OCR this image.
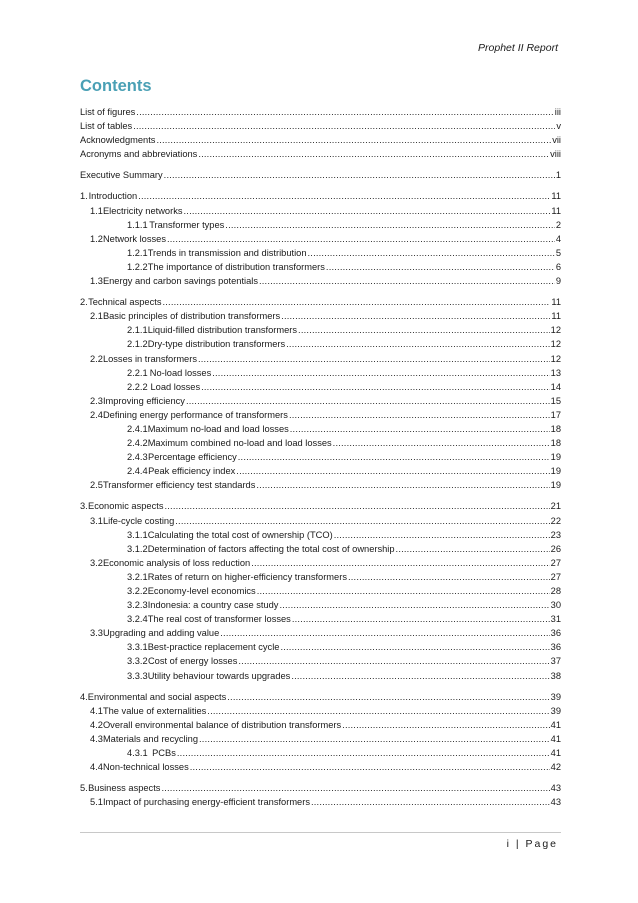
Prophet II Report
Contents
List of figures .....	iii
List of tables .....	v
Acknowledgments .....	vii
Acronyms and abbreviations .....	viii
Executive Summary .....	1
1. Introduction .....	11
1.1 Electricity networks .....	11
1.1.1 Transformer types .....	2
1.2 Network losses .....	4
1.2.1 Trends in transmission and distribution .....	5
1.2.2 The importance of distribution transformers .....	6
1.3 Energy and carbon savings potentials .....	9
2. Technical aspects .....	11
2.1 Basic principles of distribution transformers .....	11
2.1.1 Liquid-filled distribution transformers .....	12
2.1.2 Dry-type distribution transformers .....	12
2.2 Losses in transformers .....	12
2.2.1 No-load losses .....	13
2.2.2 Load losses .....	14
2.3 Improving efficiency .....	15
2.4 Defining energy performance of transformers .....	17
2.4.1 Maximum no-load and load losses .....	18
2.4.2 Maximum combined no-load and load losses .....	18
2.4.3 Percentage efficiency .....	19
2.4.4 Peak efficiency index .....	19
2.5 Transformer efficiency test standards .....	19
3. Economic aspects .....	21
3.1 Life-cycle costing .....	22
3.1.1 Calculating the total cost of ownership (TCO) .....	23
3.1.2 Determination of factors affecting the total cost of ownership .....	26
3.2 Economic analysis of loss reduction .....	27
3.2.1 Rates of return on higher-efficiency transformers .....	27
3.2.2 Economy-level economics .....	28
3.2.3 Indonesia: a country case study .....	30
3.2.4 The real cost of transformer losses .....	31
3.3 Upgrading and adding value .....	36
3.3.1 Best-practice replacement cycle .....	36
3.3.2 Cost of energy losses .....	37
3.3.3 Utility behaviour towards upgrades .....	38
4. Environmental and social aspects .....	39
4.1 The value of externalities .....	39
4.2 Overall environmental balance of distribution transformers .....	41
4.3 Materials and recycling .....	41
4.3.1 PCBs .....	41
4.4 Non-technical losses .....	42
5. Business aspects .....	43
5.1 Impact of purchasing energy-efficient transformers .....	43
i | Page
